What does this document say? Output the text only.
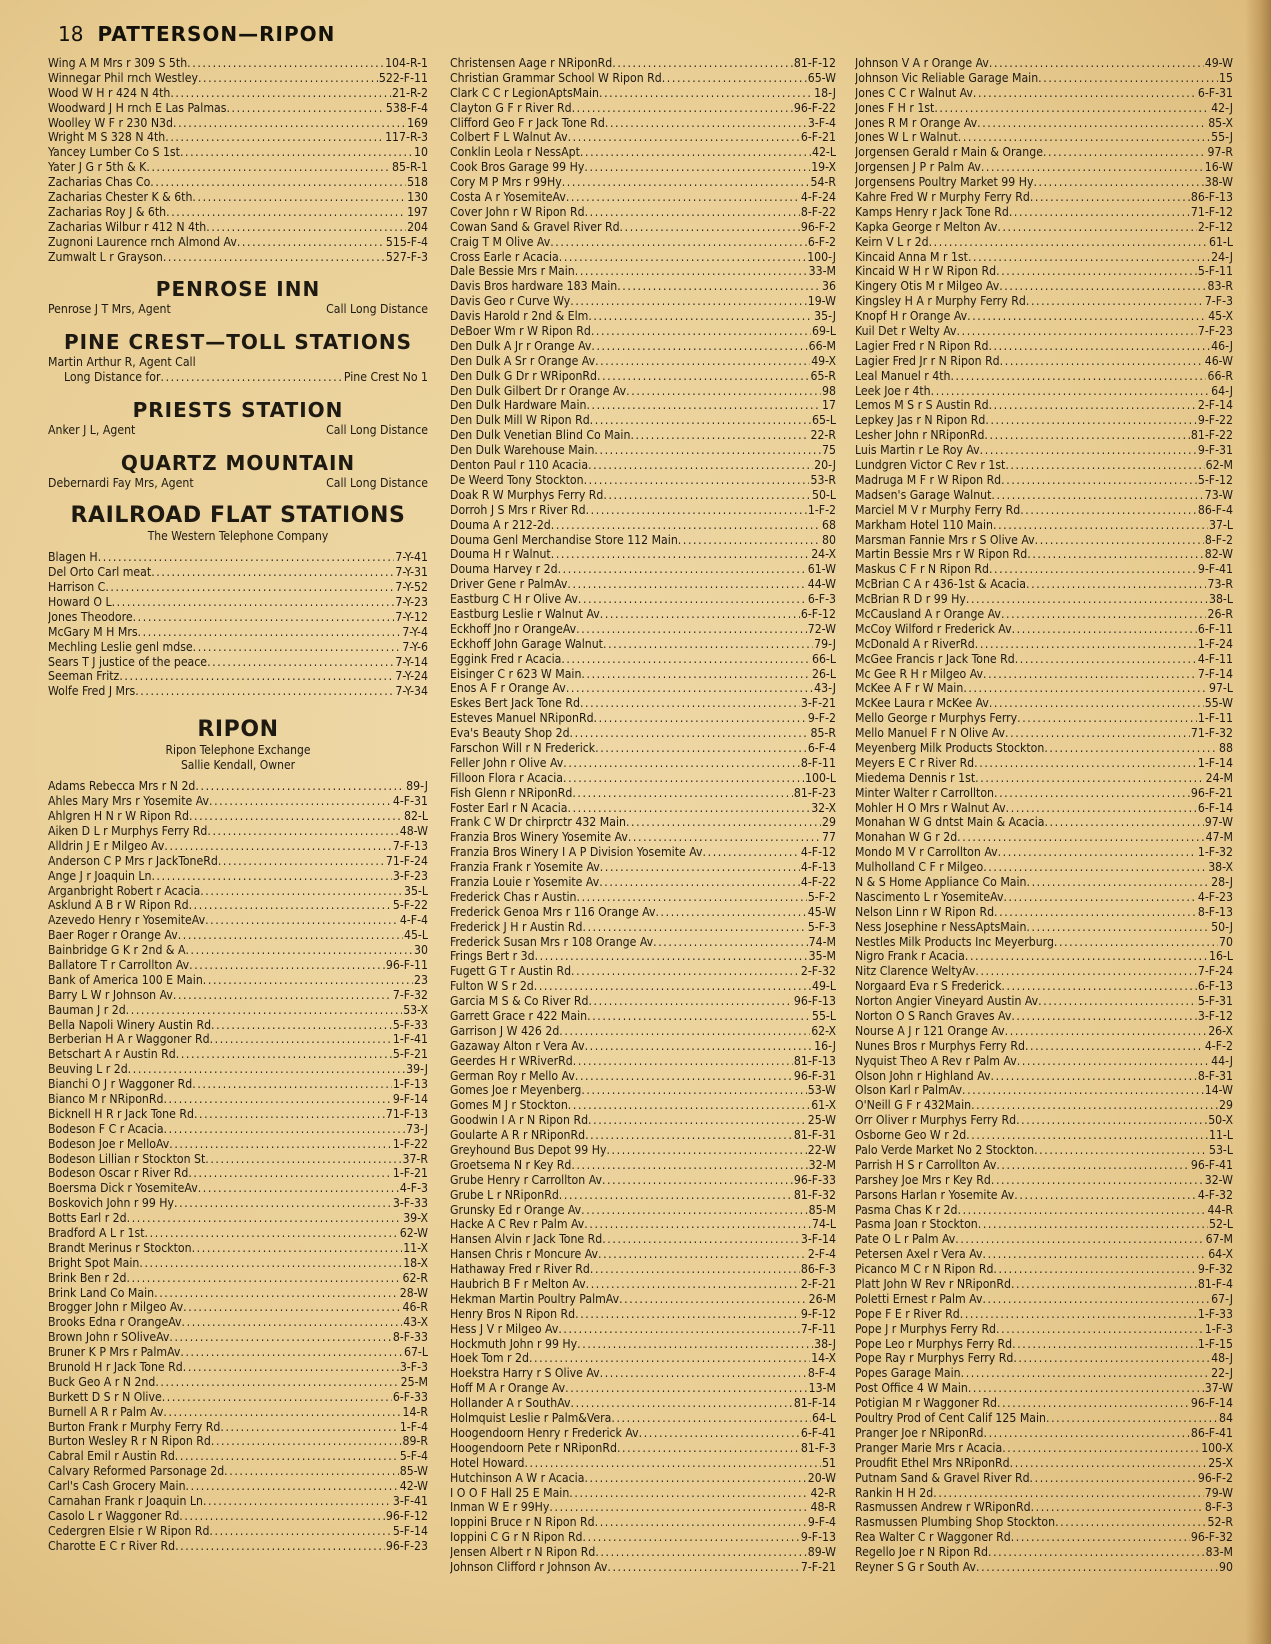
18 PATTERSON—RIPON
Wing A M Mrs r 309 S 5th .....	104-R-1
Winnegar Phil rnch Westley .....	522-F-11
Wood W H r 424 N 4th .....	21-R-2
Woodward J H rnch E Las Palmas .....	538-F-4
Woolley W F r 230 N3d .....	169
Wright M S 328 N 4th .....	117-R-3
Yancey Lumber Co S 1st .....	10
Yater J G r 5th & K .....	85-R-1
Zacharias Chas Co .....	518
Zacharias Chester K & 6th .....	130
Zacharias Roy J & 6th .....	197
Zacharias Wilbur r 412 N 4th .....	204
Zugnoni Laurence rnch Almond Av .....	515-F-4
Zumwalt L r Grayson .....	527-F-3
PENROSE INN
Penrose J T Mrs, Agent	Call Long Distance
PINE CREST—TOLL STATIONS
Martin Arthur R, Agent Call
Long Distance for .....	Pine Crest No 1
PRIESTS STATION
Anker J L, Agent	Call Long Distance
QUARTZ MOUNTAIN
Debernardi Fay Mrs, Agent	Call Long Distance
RAILROAD FLAT STATIONS
The Western Telephone Company
Blagen H .....	7-Y-41
Del Orto Carl meat .....	7-Y-31
Harrison C .....	7-Y-52
Howard O L .....	7-Y-23
Jones Theodore .....	7-Y-12
McGary M H Mrs .....	7-Y-4
Mechling Leslie genl mdse .....	7-Y-6
Sears T J justice of the peace .....	7-Y-14
Seeman Fritz .....	7-Y-24
Wolfe Fred J Mrs .....	7-Y-34
RIPON
Ripon Telephone Exchange
Sallie Kendall, Owner
Adams Rebecca Mrs r N 2d .....	89-J
Ahles Mary Mrs r Yosemite Av .....	4-F-31
Ahlgren H N r W Ripon Rd .....	82-L
Aiken D L r Murphys Ferry Rd .....	48-W
Alldrin J E r Milgeo Av .....	7-F-13
Anderson C P Mrs r JackToneRd .....	71-F-24
Ange J r Joaquin Ln .....	3-F-23
Arganbright Robert r Acacia .....	35-L
Asklund A B r W Ripon Rd .....	5-F-22
Azevedo Henry r YosemiteAv .....	4-F-4
Baer Roger r Orange Av .....	45-L
Bainbridge G K r 2nd & A .....	30
Ballatore T r Carrollton Av .....	96-F-11
Bank of America 100 E Main .....	23
Barry L W r Johnson Av .....	7-F-32
Bauman J r 2d .....	53-X
Bella Napoli Winery Austin Rd .....	5-F-33
Berberian H A r Waggoner Rd .....	1-F-41
Betschart A r Austin Rd .....	5-F-21
Beuving L r 2d .....	39-J
Bianchi O J r Waggoner Rd .....	1-F-13
Bianco M r NRiponRd .....	9-F-14
Bicknell H R r Jack Tone Rd .....	71-F-13
Bodeson F C r Acacia .....	73-J
Bodeson Joe r MelloAv .....	1-F-22
Bodeson Lillian r Stockton St .....	37-R
Bodeson Oscar r River Rd .....	1-F-21
Boersma Dick r YosemiteAv .....	4-F-3
Boskovich John r 99 Hy .....	3-F-33
Botts Earl r 2d .....	39-X
Bradford A L r 1st .....	62-W
Brandt Merinus r Stockton .....	11-X
Bright Spot Main .....	18-X
Brink Ben r 2d .....	62-R
Brink Land Co Main .....	28-W
Brogger John r Milgeo Av .....	46-R
Brooks Edna r OrangeAv .....	43-X
Brown John r SOliveAv .....	8-F-33
Bruner K P Mrs r PalmAv .....	67-L
Brunold H r Jack Tone Rd .....	3-F-3
Buck Geo A r N 2nd .....	25-M
Burkett D S r N Olive .....	6-F-33
Burnell A R r Palm Av .....	14-R
Burton Frank r Murphy Ferry Rd .....	1-F-4
Burton Wesley R r N Ripon Rd .....	89-R
Cabral Emil r Austin Rd .....	5-F-4
Calvary Reformed Parsonage 2d .....	85-W
Carl's Cash Grocery Main .....	42-W
Carnahan Frank r Joaquin Ln .....	3-F-41
Casolo L r Waggoner Rd .....	96-F-12
Cedergren Elsie r W Ripon Rd .....	5-F-14
Charotte E C r River Rd .....	96-F-23
Christensen Aage r NRiponRd .....	81-F-12
Christian Grammar School W Ripon Rd .....	65-W
Clark C C r LegionAptsMain .....	18-J
Clayton G F r River Rd .....	96-F-22
Clifford Geo F r Jack Tone Rd .....	3-F-4
Colbert F L Walnut Av .....	6-F-21
Conklin Leola r NessApt .....	42-L
Cook Bros Garage 99 Hy .....	19-X
Cory M P Mrs r 99Hy .....	54-R
Costa A r YosemiteAv .....	4-F-24
Cover John r W Ripon Rd .....	8-F-22
Cowan Sand & Gravel River Rd .....	96-F-2
Craig T M Olive Av .....	6-F-2
Cross Earle r Acacia .....	100-J
Dale Bessie Mrs r Main .....	33-M
Davis Bros hardware 183 Main .....	36
Davis Geo r Curve Wy .....	19-W
Davis Harold r 2nd & Elm .....	35-J
DeBoer Wm r W Ripon Rd .....	69-L
Den Dulk A Jr r Orange Av .....	66-M
Den Dulk A Sr r Orange Av .....	49-X
Den Dulk G Dr r WRiponRd .....	65-R
Den Dulk Gilbert Dr r Orange Av .....	98
Den Dulk Hardware Main .....	17
Den Dulk Mill W Ripon Rd .....	65-L
Den Dulk Venetian Blind Co Main .....	22-R
Den Dulk Warehouse Main .....	75
Denton Paul r 110 Acacia .....	20-J
De Weerd Tony Stockton .....	53-R
Doak R W Murphys Ferry Rd .....	50-L
Dorroh J S Mrs r River Rd .....	1-F-2
Douma A r 212-2d .....	68
Douma Genl Merchandise Store 112 Main .....	80
Douma H r Walnut .....	24-X
Douma Harvey r 2d .....	61-W
Driver Gene r PalmAv .....	44-W
Eastburg C H r Olive Av .....	6-F-3
Eastburg Leslie r Walnut Av .....	6-F-12
Eckhoff Jno r OrangeAv .....	72-W
Eckhoff John Garage Walnut .....	79-J
Eggink Fred r Acacia .....	66-L
Eisinger C r 623 W Main .....	26-L
Enos A F r Orange Av .....	43-J
Eskes Bert Jack Tone Rd .....	3-F-21
Esteves Manuel NRiponRd .....	9-F-2
Eva's Beauty Shop 2d .....	85-R
Farschon Will r N Frederick .....	6-F-4
Feller John r Olive Av .....	8-F-11
Filloon Flora r Acacia .....	100-L
Fish Glenn r NRiponRd .....	81-F-23
Foster Earl r N Acacia .....	32-X
Frank C W Dr chirprctr 432 Main .....	29
Franzia Bros Winery Yosemite Av .....	77
Franzia Bros Winery I A P Division Yosemite Av .....	4-F-12
Franzia Frank r Yosemite Av .....	4-F-13
Franzia Louie r Yosemite Av .....	4-F-22
Frederick Chas r Austin .....	5-F-2
Frederick Genoa Mrs r 116 Orange Av .....	45-W
Frederick J H r Austin Rd .....	5-F-3
Frederick Susan Mrs r 108 Orange Av .....	74-M
Frings Bert r 3d .....	35-M
Fugett G T r Austin Rd .....	2-F-32
Fulton W S r 2d .....	49-L
Garcia M S & Co River Rd .....	96-F-13
Garrett Grace r 422 Main .....	55-L
Garrison J W 426 2d .....	62-X
Gazaway Alton r Vera Av .....	16-J
Geerdes H r WRiverRd .....	81-F-13
German Roy r Mello Av .....	96-F-31
Gomes Joe r Meyenberg .....	53-W
Gomes M J r Stockton .....	61-X
Goodwin I A r N Ripon Rd .....	25-W
Goularte A R r NRiponRd .....	81-F-31
Greyhound Bus Depot 99 Hy .....	22-W
Groetsema N r Key Rd .....	32-M
Grube Henry r Carrollton Av .....	96-F-33
Grube L r NRiponRd .....	81-F-32
Grunsky Ed r Orange Av .....	85-M
Hacke A C Rev r Palm Av .....	74-L
Hansen Alvin r Jack Tone Rd .....	3-F-14
Hansen Chris r Moncure Av .....	2-F-4
Hathaway Fred r River Rd .....	86-F-3
Haubrich B F r Melton Av .....	2-F-21
Hekman Martin Poultry PalmAv .....	26-M
Henry Bros N Ripon Rd .....	9-F-12
Hess J V r Milgeo Av .....	7-F-11
Hockmuth John r 99 Hy .....	38-J
Hoek Tom r 2d .....	14-X
Hoekstra Harry r S Olive Av .....	8-F-4
Hoff M A r Orange Av .....	13-M
Hollander A r SouthAv .....	81-F-14
Holmquist Leslie r Palm&Vera .....	64-L
Hoogendoorn Henry r Frederick Av .....	6-F-41
Hoogendoorn Pete r NRiponRd .....	81-F-3
Hotel Howard .....	51
Hutchinson A W r Acacia .....	20-W
I O O F Hall 25 E Main .....	42-R
Inman W E r 99Hy .....	48-R
Ioppini Bruce r N Ripon Rd .....	9-F-4
Ioppini C G r N Ripon Rd .....	9-F-13
Jensen Albert r N Ripon Rd .....	89-W
Johnson Clifford r Johnson Av .....	7-F-21
Johnson V A r Orange Av .....	49-W
Johnson Vic Reliable Garage Main .....	15
Jones C C r Walnut Av .....	6-F-31
Jones F H r 1st .....	42-J
Jones R M r Orange Av .....	85-X
Jones W L r Walnut .....	55-J
Jorgensen Gerald r Main & Orange .....	97-R
Jorgensen J P r Palm Av .....	16-W
Jorgensens Poultry Market 99 Hy .....	38-W
Kahre Fred W r Murphy Ferry Rd .....	86-F-13
Kamps Henry r Jack Tone Rd .....	71-F-12
Kapka George r Melton Av .....	2-F-12
Keirn V L r 2d .....	61-L
Kincaid Anna M r 1st .....	24-J
Kincaid W H r W Ripon Rd .....	5-F-11
Kingery Otis M r Milgeo Av .....	83-R
Kingsley H A r Murphy Ferry Rd .....	7-F-3
Knopf H r Orange Av .....	45-X
Kuil Det r Welty Av .....	7-F-23
Lagier Fred r N Ripon Rd .....	46-J
Lagier Fred Jr r N Ripon Rd .....	46-W
Leal Manuel r 4th .....	66-R
Leek Joe r 4th .....	64-J
Lemos M S r S Austin Rd .....	2-F-14
Lepkey Jas r N Ripon Rd .....	9-F-22
Lesher John r NRiponRd .....	81-F-22
Luis Martin r Le Roy Av .....	9-F-31
Lundgren Victor C Rev r 1st .....	62-M
Madruga M F r W Ripon Rd .....	5-F-12
Madsen's Garage Walnut .....	73-W
Marciel M V r Murphy Ferry Rd .....	86-F-4
Markham Hotel 110 Main .....	37-L
Marsman Fannie Mrs r S Olive Av .....	8-F-2
Martin Bessie Mrs r W Ripon Rd .....	82-W
Maskus C F r N Ripon Rd .....	9-F-41
McBrian C A r 436-1st & Acacia .....	73-R
McBrian R D r 99 Hy .....	38-L
McCausland A r Orange Av .....	26-R
McCoy Wilford r Frederick Av .....	6-F-11
McDonald A r RiverRd .....	1-F-24
McGee Francis r Jack Tone Rd .....	4-F-11
Mc Gee R H r Milgeo Av .....	7-F-14
McKee A F r W Main .....	97-L
McKee Laura r McKee Av .....	55-W
Mello George r Murphys Ferry .....	1-F-11
Mello Manuel F r N Olive Av .....	71-F-32
Meyenberg Milk Products Stockton .....	88
Meyers E C r River Rd .....	1-F-14
Miedema Dennis r 1st .....	24-M
Minter Walter r Carrollton .....	96-F-21
Mohler H O Mrs r Walnut Av .....	6-F-14
Monahan W G dntst Main & Acacia .....	97-W
Monahan W G r 2d .....	47-M
Mondo M V r Carrollton Av .....	1-F-32
Mulholland C F r Milgeo .....	38-X
N & S Home Appliance Co Main .....	28-J
Nascimento L r YosemiteAv .....	4-F-23
Nelson Linn r W Ripon Rd .....	8-F-13
Ness Josephine r NessAptsMain .....	50-J
Nestles Milk Products Inc Meyerburg .....	70
Nigro Frank r Acacia .....	16-L
Nitz Clarence WeltyAv .....	7-F-24
Norgaard Eva r S Frederick .....	6-F-13
Norton Angier Vineyard Austin Av .....	5-F-31
Norton O S Ranch Graves Av .....	3-F-12
Nourse A J r 121 Orange Av .....	26-X
Nunes Bros r Murphys Ferry Rd .....	4-F-2
Nyquist Theo A Rev r Palm Av .....	44-J
Olson John r Highland Av .....	8-F-31
Olson Karl r PalmAv .....	14-W
O'Neill G F r 432Main .....	29
Orr Oliver r Murphys Ferry Rd .....	50-X
Osborne Geo W r 2d .....	11-L
Palo Verde Market No 2 Stockton .....	53-L
Parrish H S r Carrollton Av .....	96-F-41
Parshey Joe Mrs r Key Rd .....	32-W
Parsons Harlan r Yosemite Av .....	4-F-32
Pasma Chas K r 2d .....	44-R
Pasma Joan r Stockton .....	52-L
Pate O L r Palm Av .....	67-M
Petersen Axel r Vera Av .....	64-X
Picanco M C r N Ripon Rd .....	9-F-32
Platt John W Rev r NRiponRd .....	81-F-4
Poletti Ernest r Palm Av .....	67-J
Pope F E r River Rd .....	1-F-33
Pope J r Murphys Ferry Rd .....	1-F-3
Pope Leo r Murphys Ferry Rd .....	1-F-15
Pope Ray r Murphys Ferry Rd .....	48-J
Popes Garage Main .....	22-J
Post Office 4 W Main .....	37-W
Potigian M r Waggoner Rd .....	96-F-14
Poultry Prod of Cent Calif 125 Main .....	84
Pranger Joe r NRiponRd .....	86-F-41
Pranger Marie Mrs r Acacia .....	100-X
Proudfit Ethel Mrs NRiponRd .....	25-X
Putnam Sand & Gravel River Rd .....	96-F-2
Rankin H H 2d .....	79-W
Rasmussen Andrew r WRiponRd .....	8-F-3
Rasmussen Plumbing Shop Stockton .....	52-R
Rea Walter C r Waggoner Rd .....	96-F-32
Regello Joe r N Ripon Rd .....	83-M
Reyner S G r South Av .....	90
